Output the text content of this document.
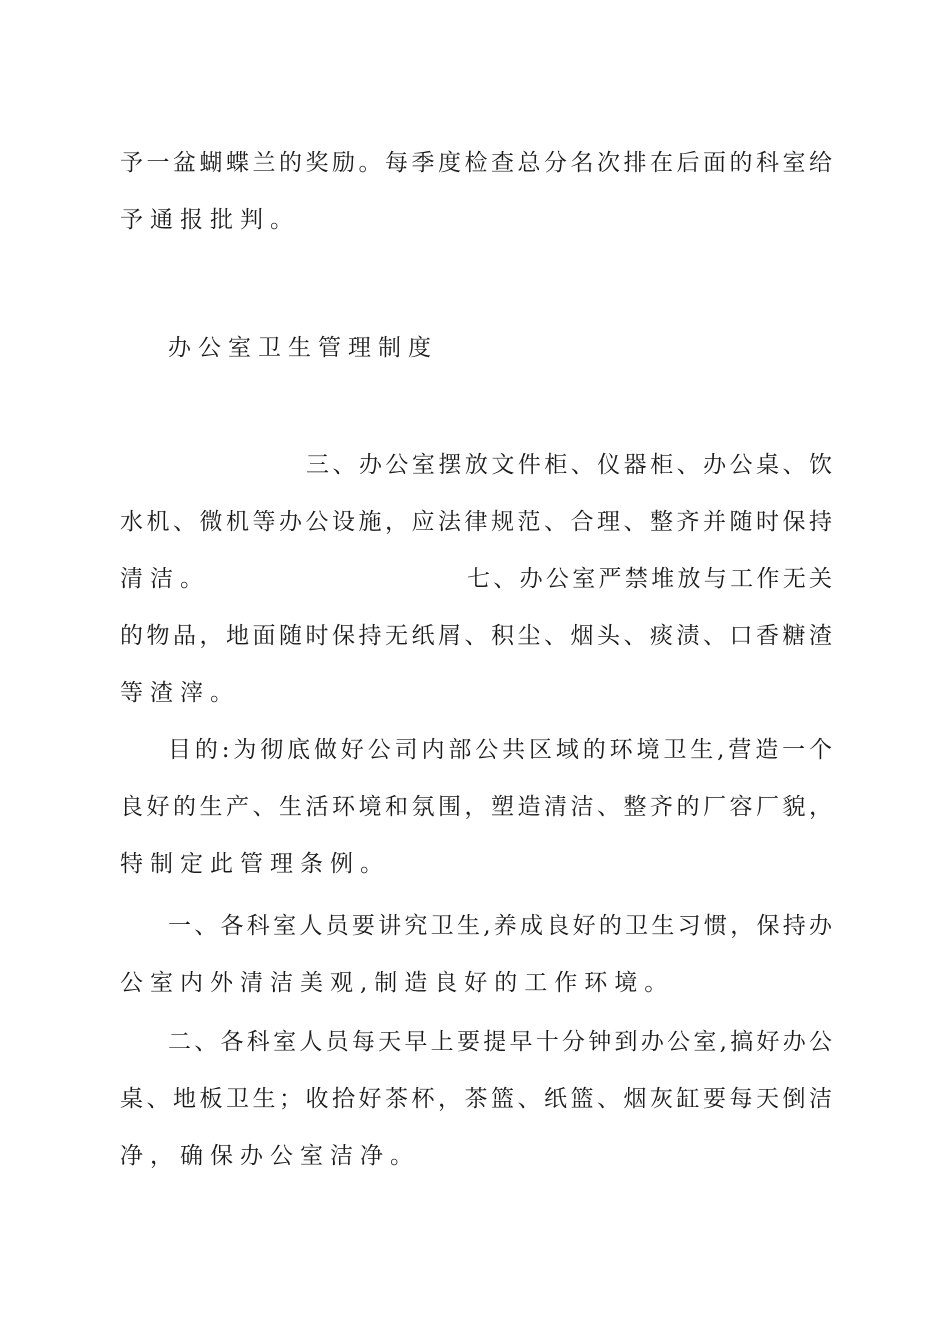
予一盆蝴蝶兰的奖励。每季度检查总分名次排在后面的科室给
予通报批判。
办公室卫生管理制度
三、办公室摆放文件柜、仪器柜、办公桌、饮
水机、微机等办公设施，应法律规范、合理、整齐并随时保持
清洁。	七、办公室严禁堆放与工作无关
的物品，地面随时保持无纸屑、积尘、烟头、痰渍、口香糖渣
等渣滓。
目的:为彻底做好公司内部公共区域的环境卫生,营造一个
良好的生产、生活环境和氛围，塑造清洁、整齐的厂容厂貌，
特制定此管理条例。
一、各科室人员要讲究卫生,养成良好的卫生习惯，保持办
公室内外清洁美观,制造良好的工作环境。
二、各科室人员每天早上要提早十分钟到办公室,搞好办公
桌、地板卫生；收拾好茶杯，茶篮、纸篮、烟灰缸要每天倒洁
净，确保办公室洁净。
